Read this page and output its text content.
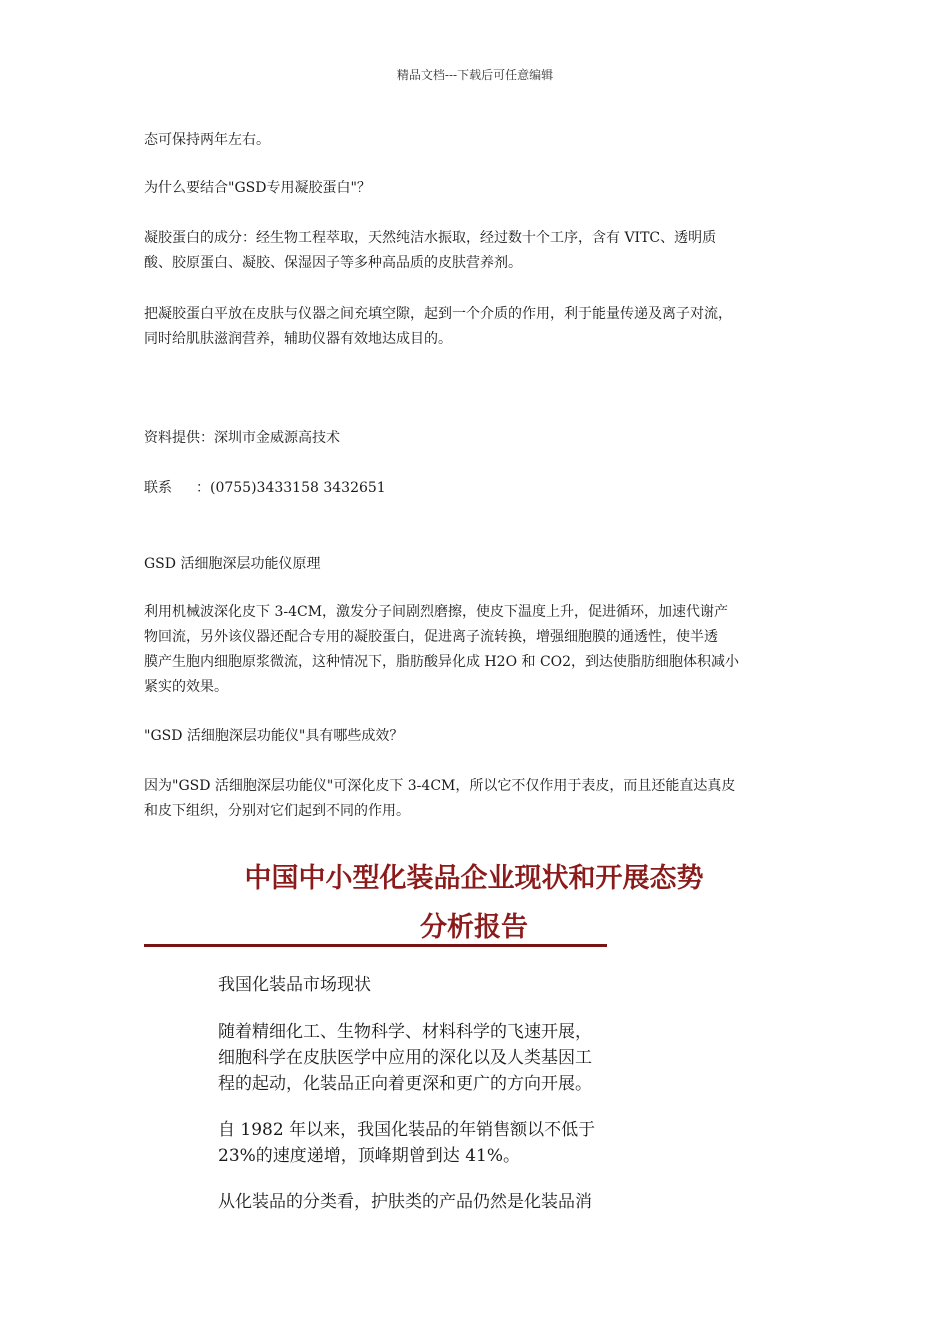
精品文档---下载后可任意编辑

态可保持两年左右。

为什么要结合"GSD专用凝胶蛋白"？

凝胶蛋白的成分：经生物工程萃取，天然纯洁水振取，经过数十个工序，含有 VITC、透明质
酸、胶原蛋白、凝胶、保湿因子等多种高品质的皮肤营养剂。
把凝胶蛋白平放在皮肤与仪器之间充填空隙，起到一个介质的作用，利于能量传递及离子对流，
同时给肌肤滋润营养，辅助仪器有效地达成目的。

资料提供：深圳市金威源高技术

联系 ：(0755)3433158 3432651

GSD 活细胞深层功能仪原理

利用机械波深化皮下 3-4CM，激发分子间剧烈磨擦，使皮下温度上升，促进循环，加速代谢产
物回流，另外该仪器还配合专用的凝胶蛋白，促进离子流转换，增强细胞膜的通透性，使半透
膜产生胞内细胞原浆微流，这种情况下，脂肪酸异化成 H2O 和 CO2，到达使脂肪细胞体积减小
紧实的效果。

"GSD 活细胞深层功能仪"具有哪些成效？

因为"GSD 活细胞深层功能仪"可深化皮下 3-4CM，所以它不仅作用于表皮，而且还能直达真皮
和皮下组织，分别对它们起到不同的作用。
中国中小型化装品企业现状和开展态势
分析报告

我国化装品市场现状

随着精细化工、生物科学、材料科学的飞速开展，
细胞科学在皮肤医学中应用的深化以及人类基因工
程的起动，化装品正向着更深和更广的方向开展。
自 1982 年以来，我国化装品的年销售额以不低于
23%的速度递增，顶峰期曾到达 41%。
从化装品的分类看，护肤类的产品仍然是化装品消
